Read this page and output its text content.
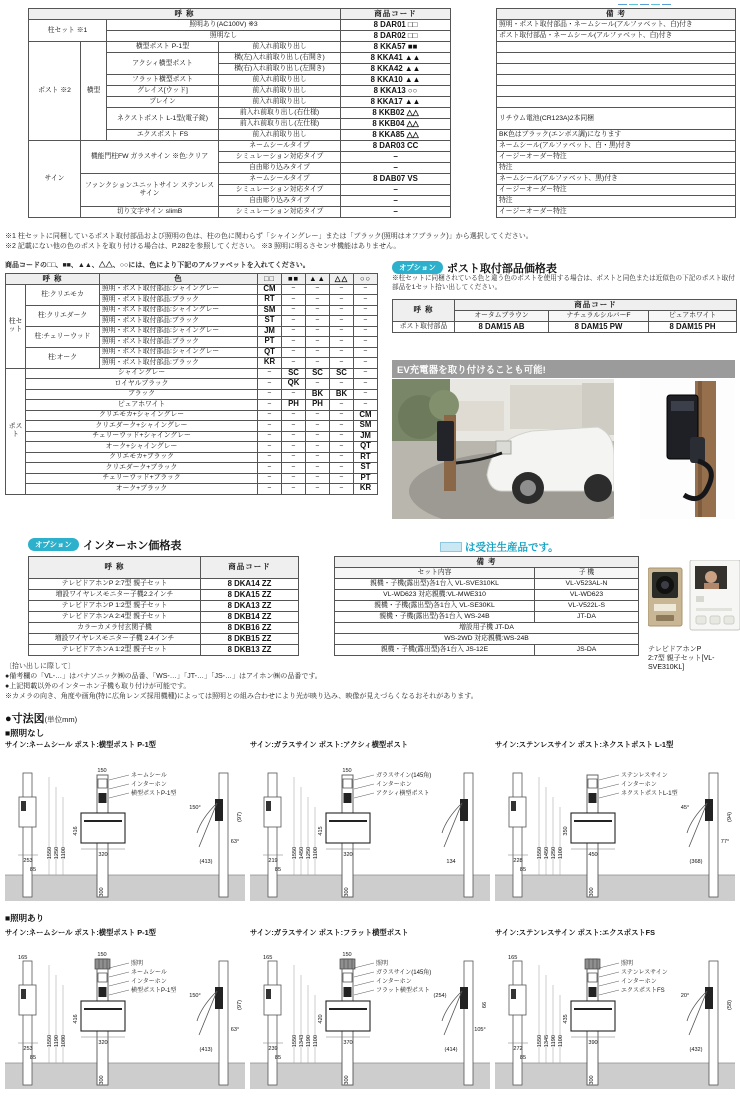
呼 称				商品コード		備 考
柱セット ※1		照明あり(AC100V) ※3		8 DAR01 □□		照明・ポスト取付部品・ネームシール(アルファベット、白)付き
		照明なし		8 DAR02 □□		ポスト取付部品・ネームシール(アルファベット、白)付き
ポスト ※2	横型	横型ポスト P-1型	前入れ前取り出し	8 KKA57 ■■		
		アクシィ横型ポスト	横(左)入れ前取り出し(右開き)	8 KKA41 ▲▲		
			横(右)入れ前取り出し(左開き)	8 KKA42 ▲▲		
		フラット横型ポスト	前入れ前取り出し	8 KKA10 ▲▲		
		グレイス[ウッド]	前入れ前取り出し	8 KKA13 ○○		
		プレイン	前入れ前取り出し	8 KKA17 ▲▲		
		ネクストポスト L-1型(電子錠)	前入れ前取り出し(右仕様)	8 KKB02 △△		リチウム電池(CR123A)2本同梱
			前入れ前取り出し(左仕様)	8 KKB04 △△		
		エクスポスト FS	前入れ前取り出し	8 KKA85 △△		BK色はブラック(エンボス調)になります
サイン	機能門柱FW ガラスサイン ※色:クリア		ネームシールタイプ	8 DAR03 CC		ネームシール(アルファベット、白・黒)付き
			シミュレーション対応タイプ	−		イージーオーダー特注
			自由彫り込みタイプ	−		特注
	ファンクションユニットサイン ステンレスサイン		ネームシールタイプ	8 DAB07 VS		ネームシール(アルファベット、黒)付き
			シミュレーション対応タイプ	−		イージーオーダー特注
			自由彫り込みタイプ	−		特注
	切り文字サイン slimB		シミュレーション対応タイプ	−		イージーオーダー特注
※1 柱セットに同梱しているポスト取付部品および照明の色は、柱の色に関わらず「シャイングレー」または「ブラック(照明はオフブラック)」から選択してください。
※2 記載にない他の色のポストを取り付ける場合は、P.282を参照してください。 ※3 照明に明るさセンサ機能はありません。
商品コードの□□、■■、▲▲、△△、○○には、色により下記のアルファベットを入れてください。
呼 称		色	□□	■■	▲▲	△△	○○
柱セット	柱:クリエモカ	照明・ポスト取付部品:シャイングレー	CM	−	−	−	−
		照明・ポスト取付部品:ブラック	RT	−	−	−	−
	柱:クリエダーク	照明・ポスト取付部品:シャイングレー	SM	−	−	−	−
		照明・ポスト取付部品:ブラック	ST	−	−	−	−
	柱:チェリーウッド	照明・ポスト取付部品:シャイングレー	JM	−	−	−	−
		照明・ポスト取付部品:ブラック	PT	−	−	−	−
	柱:オーク	照明・ポスト取付部品:シャイングレー	QT	−	−	−	−
		照明・ポスト取付部品:ブラック	KR	−	−	−	−
ポスト	シャイングレー		−	SC	SC	SC	−
	ロイヤルブラック		−	QK	−	−	−
	ブラック		−	−	BK	BK	−
	ピュアホワイト		−	PH	PH	−	−
	クリエモカ+シャイングレー		−	−	−	−	CM
	クリエダーク+シャイングレー		−	−	−	−	SM
	チェリーウッド+シャイングレー		−	−	−	−	JM
	オーク+シャイングレー		−	−	−	−	QT
	クリエモカ+ブラック		−	−	−	−	RT
	クリエダーク+ブラック		−	−	−	−	ST
	チェリーウッド+ブラック		−	−	−	−	PT
	オーク+ブラック		−	−	−	−	KR
オプション ポスト取付部品価格表
※柱セットに同梱されている色と違う色のポストを使用する場合は、ポストと同色または近似色の下記のポスト取付部品を1セット拾い出してください。
呼 称	商品コード		
	オータムブラウン	ナチュラルシルバーF	ピュアホワイト
ポスト取付部品	8 DAM15 AB	8 DAM15 PW	8 DAM15 PH
EV充電器を取り付けることも可能!
オプション インターホン価格表	は受注生産品です。
呼 称	商品コード		備 考	
			セット内容	子 機
テレビドアホンP 2:7型 親子セット	8 DKA14 ZZ		親機・子機(露出型)各1台入 VL-SVE310KL	VL-V523AL-N
増設ワイヤレスモニター子機2.2インチ	8 DKA15 ZZ		VL-WD623 対応親機:VL-MWE310	VL-WD623
テレビドアホンP 1:2型 親子セット	8 DKA13 ZZ		親機・子機(露出型)各1台入 VL-SE30KL	VL-V522L-S
テレビドアホンA 2:4型 親子セット	8 DKB14 ZZ		親機・子機(露出型)各1台入 WS-24B	JT-DA
カラーカメラ付玄関子機	8 DKB16 ZZ		増設用子機 JT-DA	
増設ワイヤレスモニター子機 2.4インチ	8 DKB15 ZZ		WS-2WD 対応親機:WS-24B	
テレビドアホンA 1:2型 親子セット	8 DKB13 ZZ		親機・子機(露出型)各1台入 JS-12E	JS-DA	テレビドアホンP
2:7型 親子セット[VL-SVE310KL]
〔拾い出しに際して〕
●備考欄の「VL-…」はパナソニック㈱の品番、「WS-…」「JT-…」「JS-…」はアイホン㈱の品番です。
●上記掲載以外のインターホン子機も取り付けが可能です。
※カメラの向き、角度や画角(特に広角レンズ採用機種)によっては照明との組み合わせにより光が映り込み、映像が見えづらくなるおそれがあります。
●寸法図(単位mm)
■照明なし
サイン:ネームシール ポスト:横型ポスト P-1型
253
85
1550 1250 1100
150
416
320
300
ネームシール
インターホン
横型ポストP-1型
150°
(97)
63°
(413)
サイン:ガラスサイン ポスト:アクシィ横型ポスト
219
85
1550 1450 1250 1100
150
415
320
300
ガラスサイン(145角)
インターホン
アクシィ横型ポスト
134
サイン:ステンレスサイン ポスト:ネクストポスト L-1型
228
85
1550 1450 1250 1100
350
450
300
ステンレスサイン
インターホン
ネクストポストL-1型
45°
(94)
77°
(368)
■照明あり
サイン:ネームシール ポスト:横型ポスト P-1型
165
253
85
1550 1190 1080
150
416
320
300
照明
ネームシール
インターホン
横型ポストP-1型
150°
(97)
63°
(413)
サイン:ガラスサイン ポスト:フラット横型ポスト
165
239
85
1550 1343 1190 1100
150
420
370
300
照明
ガラスサイン(145角)
インターホン
フラット横型ポスト
(254)
66
105°
(414)
サイン:ステンレスサイン ポスト:エクスポストFS
165
272
85
1550 1345 1190 1100
435
390
300
照明
ステンレスサイン
インターホン
エクスポストFS
20°
(58)
(432)
